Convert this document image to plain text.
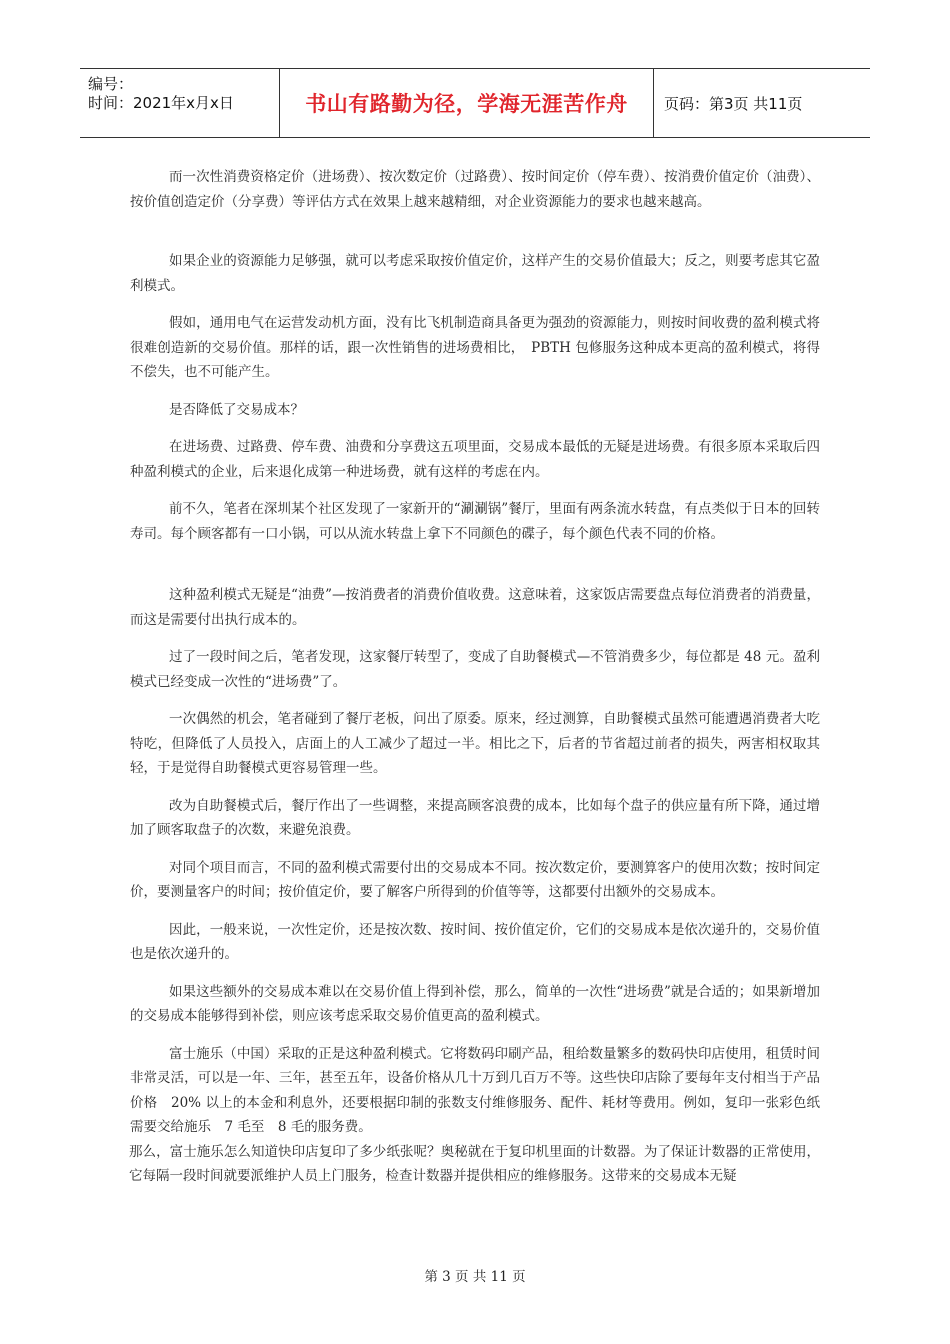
编号：
时间：2021年x月x日	书山有路勤为径，学海无涯苦作舟	页码：第3页 共11页

而一次性消费资格定价（进场费）、按次数定价（过路费）、按时间定价（停车费）、按消费价值定价（油费）、按价值创造定价（分享费）等评估方式在效果上越来越精细，对企业资源能力的要求也越来越高。

如果企业的资源能力足够强，就可以考虑采取按价值定价，这样产生的交易价值最大；反之，则要考虑其它盈利模式。

假如，通用电气在运营发动机方面，没有比飞机制造商具备更为强劲的资源能力，则按时间收费的盈利模式将很难创造新的交易价值。那样的话，跟一次性销售的进场费相比，　PBTH 包修服务这种成本更高的盈利模式，将得不偿失，也不可能产生。

是否降低了交易成本？

在进场费、过路费、停车费、油费和分享费这五项里面，交易成本最低的无疑是进场费。有很多原本采取后四种盈利模式的企业，后来退化成第一种进场费，就有这样的考虑在内。

前不久，笔者在深圳某个社区发现了一家新开的“涮涮锅”餐厅，里面有两条流水转盘，有点类似于日本的回转寿司。每个顾客都有一口小锅，可以从流水转盘上拿下不同颜色的碟子，每个颜色代表不同的价格。

这种盈利模式无疑是“油费”—按消费者的消费价值收费。这意味着，这家饭店需要盘点每位消费者的消费量，而这是需要付出执行成本的。

过了一段时间之后，笔者发现，这家餐厅转型了，变成了自助餐模式—不管消费多少，每位都是 48 元。盈利模式已经变成一次性的“进场费”了。

一次偶然的机会，笔者碰到了餐厅老板，问出了原委。原来，经过测算，自助餐模式虽然可能遭遇消费者大吃特吃，但降低了人员投入，店面上的人工减少了超过一半。相比之下，后者的节省超过前者的损失，两害相权取其轻，于是觉得自助餐模式更容易管理一些。

改为自助餐模式后，餐厅作出了一些调整，来提高顾客浪费的成本，比如每个盘子的供应量有所下降，通过增加了顾客取盘子的次数，来避免浪费。

对同个项目而言，不同的盈利模式需要付出的交易成本不同。按次数定价，要测算客户的使用次数；按时间定价，要测量客户的时间；按价值定价，要了解客户所得到的价值等等，这都要付出额外的交易成本。

因此，一般来说，一次性定价，还是按次数、按时间、按价值定价，它们的交易成本是依次递升的，交易价值也是依次递升的。

如果这些额外的交易成本难以在交易价值上得到补偿，那么，简单的一次性“进场费”就是合适的；如果新增加的交易成本能够得到补偿，则应该考虑采取交易价值更高的盈利模式。

富士施乐（中国）采取的正是这种盈利模式。它将数码印刷产品，租给数量繁多的数码快印店使用，租赁时间非常灵活，可以是一年、三年，甚至五年，设备价格从几十万到几百万不等。这些快印店除了要每年支付相当于产品价格　20% 以上的本金和利息外，还要根据印制的张数支付维修服务、配件、耗材等费用。例如，复印一张彩色纸需要交给施乐　7 毛至　8 毛的服务费。

那么，富士施乐怎么知道快印店复印了多少纸张呢？奥秘就在于复印机里面的计数器。为了保证计数器的正常使用，它每隔一段时间就要派维护人员上门服务，检查计数器并提供相应的维修服务。这带来的交易成本无疑

第 3 页 共 11 页
